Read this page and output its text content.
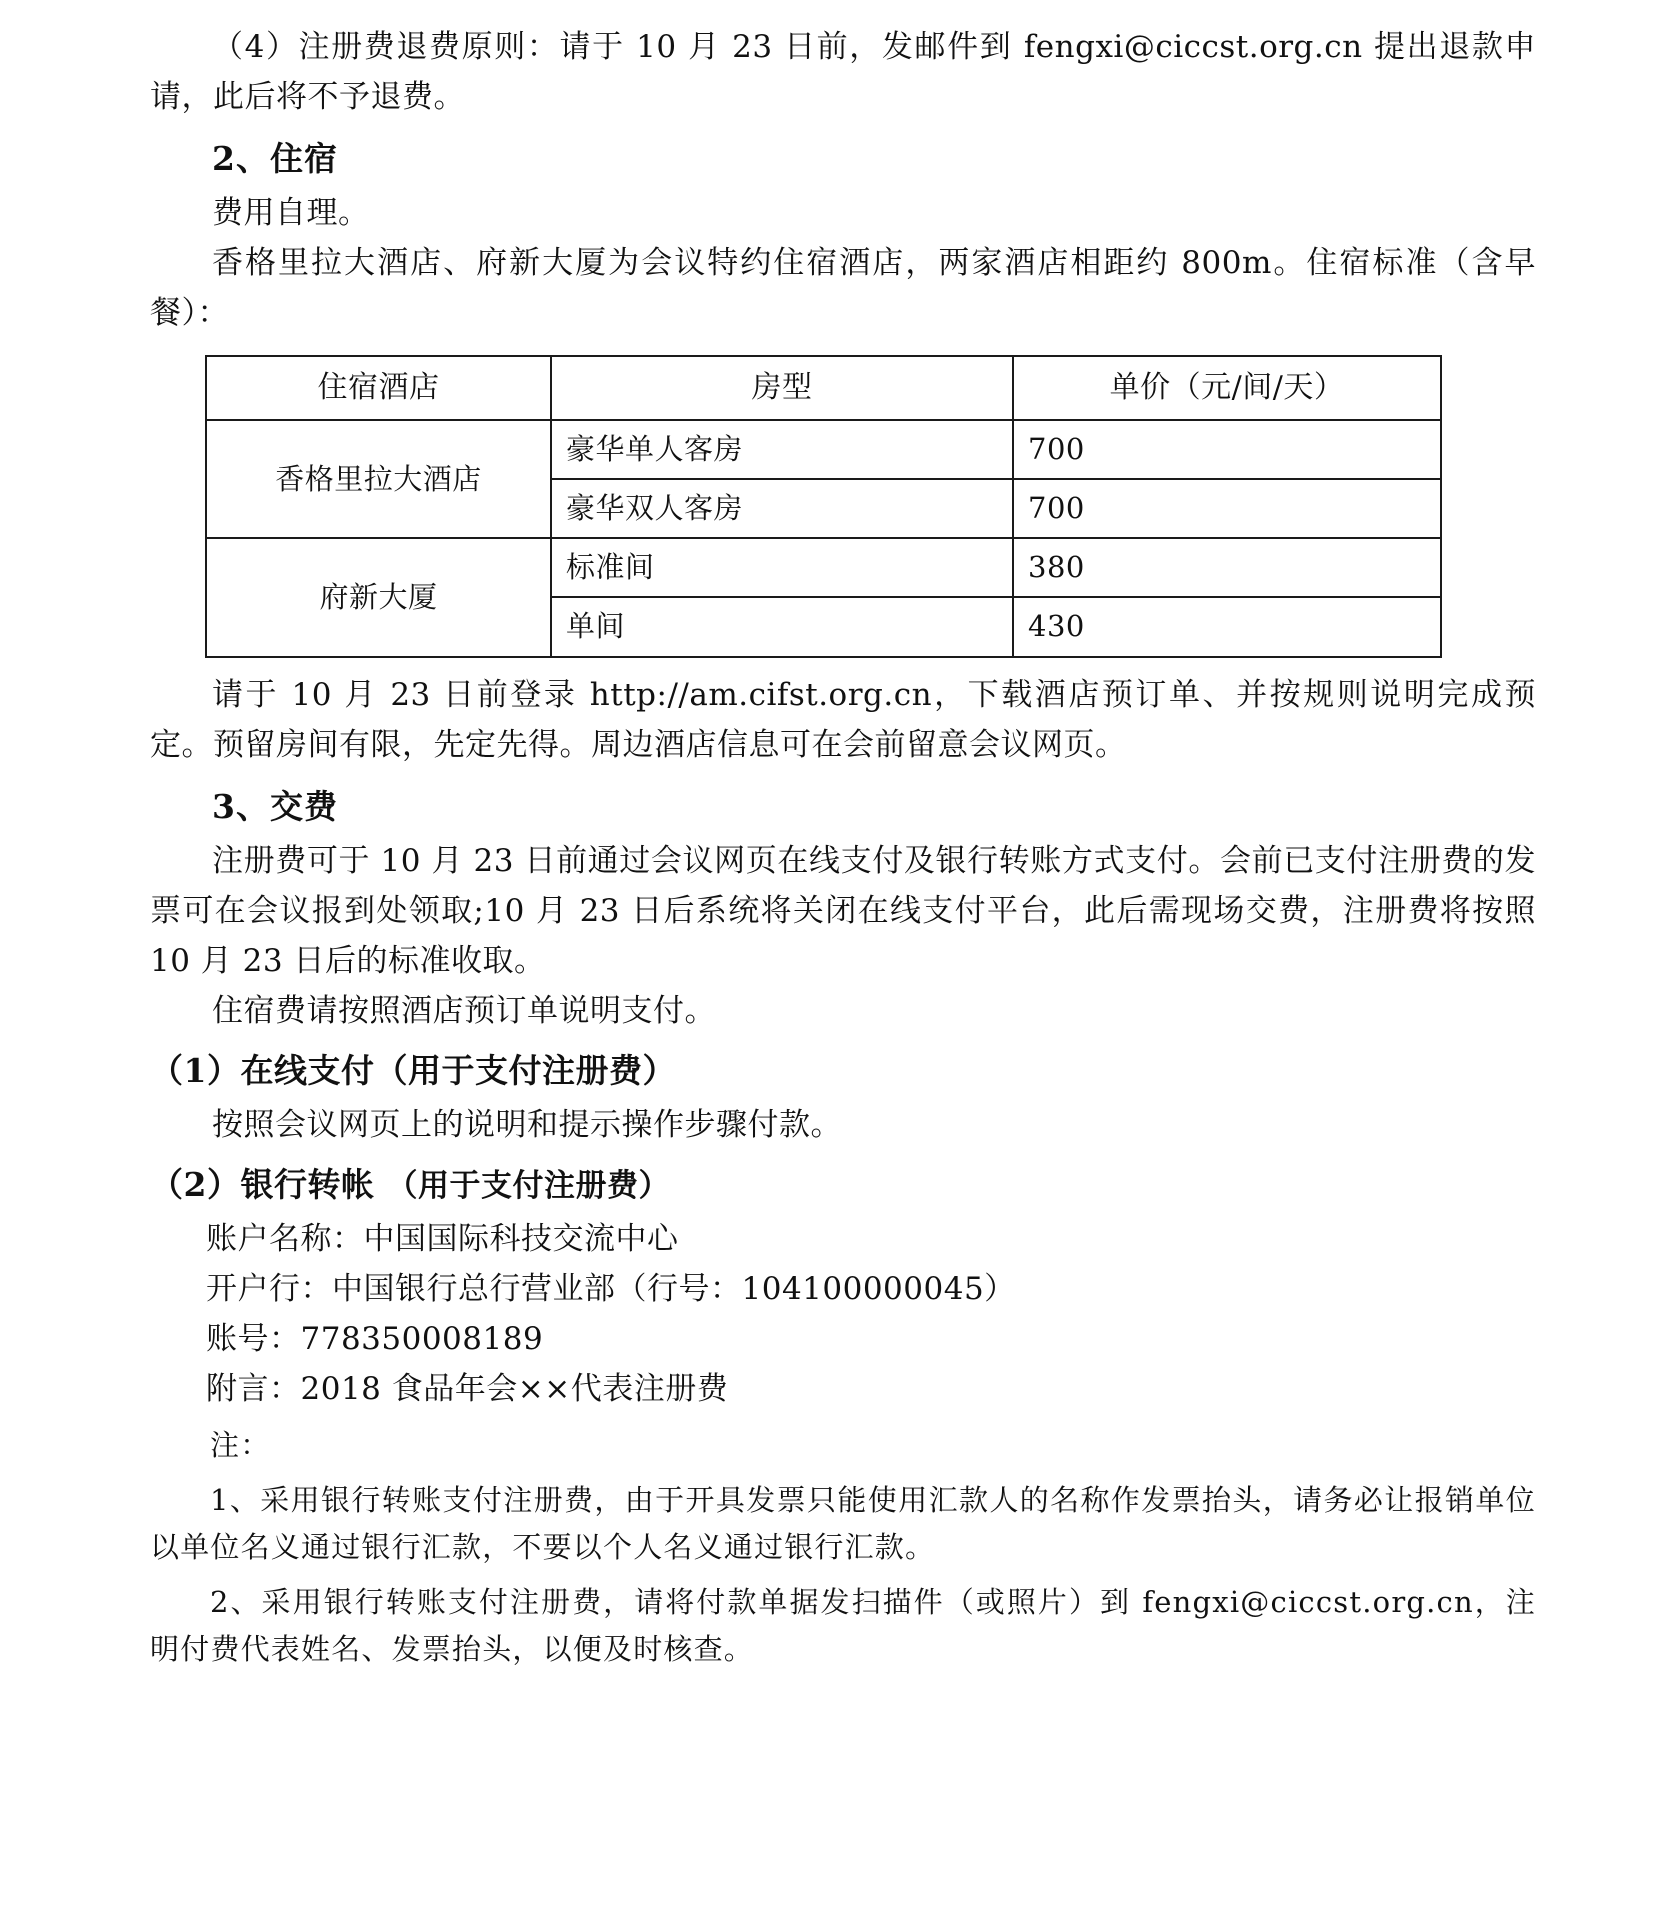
（4）注册费退费原则：请于 10 月 23 日前，发邮件到 fengxi@ciccst.org.cn 提出退款申请，此后将不予退费。

2、住宿

费用自理。

香格里拉大酒店、府新大厦为会议特约住宿酒店，两家酒店相距约 800m。住宿标准（含早餐）：

住宿酒店	房型	单价（元/间/天）
香格里拉大酒店	豪华单人客房	700
	豪华双人客房	700
府新大厦	标准间	380
	单间	430

请于 10 月 23 日前登录 http://am.cifst.org.cn，下载酒店预订单、并按规则说明完成预定。预留房间有限，先定先得。周边酒店信息可在会前留意会议网页。

3、交费

注册费可于 10 月 23 日前通过会议网页在线支付及银行转账方式支付。会前已支付注册费的发票可在会议报到处领取;10 月 23 日后系统将关闭在线支付平台，此后需现场交费，注册费将按照 10 月 23 日后的标准收取。

住宿费请按照酒店预订单说明支付。

（1）在线支付（用于支付注册费）

按照会议网页上的说明和提示操作步骤付款。

（2）银行转帐 （用于支付注册费）

账户名称：中国国际科技交流中心

开户行：中国银行总行营业部（行号：104100000045）

账号：778350008189

附言：2018 食品年会××代表注册费

注：

1、采用银行转账支付注册费，由于开具发票只能使用汇款人的名称作发票抬头，请务必让报销单位以单位名义通过银行汇款，不要以个人名义通过银行汇款。

2、采用银行转账支付注册费，请将付款单据发扫描件（或照片）到 fengxi@ciccst.org.cn，注明付费代表姓名、发票抬头，以便及时核查。
